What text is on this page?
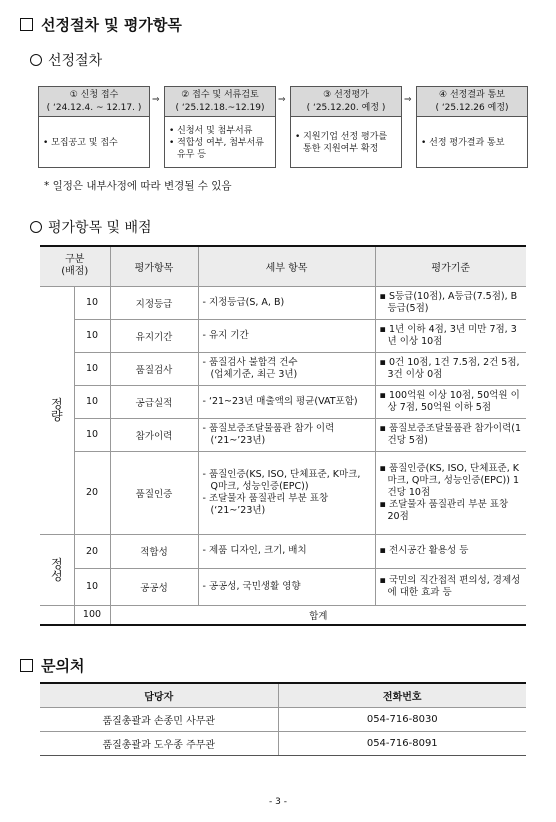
선정절차 및 평가항목
선정절차
① 신청 접수
( ‘24.12.4. ~ 12.17. )
• 모집공고 및 접수
⇒	② 접수 및 서류검토
( ‘25.12.18.~12.19)
• 신청서 및 첨부서류
• 적합성 여부, 첨부서류 유무 등
⇒	③ 선정평가
( ‘25.12.20. 예정 )
• 지원기업 선정 평가를 통한 지원여부 확정
⇒	④ 선정결과 통보
( ‘25.12.26 예정)
• 선정 평가결과 통보
* 일정은 내부사정에 따라 변경될 수 있음
평가항목 및 배점
구분
(배점)		평가항목	세부 항목	평가기준

정
량	10	지정등급	- 지정등급(S, A, B)	▪ S등급(10점), A등급(7.5점), B등급(5점)

	10	유지기간	- 유지 기간	▪ 1년 이하 4점, 3년 미만 7점, 3년 이상 10점

	10	품질검사	- 품질검사 불합격 건수
(업체기준, 최근 3년)	▪ 0건 10점, 1건 7.5점, 2건 5점, 3건 이상 0점

	10	공급실적	- ‘21~23년 매출액의 평균(VAT포함)	▪ 100억원 이상 10점, 50억원 이상 7점, 50억원 이하 5점

	10	참가이력	- 품질보증조달물품관 참가 이력
(‘21~’23년)	▪ 품질보증조달물품관 참가이력(1건당 5점)

	20	품질인증	- 품질인증(KS, ISO, 단체표준, K마크, Q마크, 성능인증(EPC))
- 조달물자 품질관리 부분 표창
(‘21~’23년)	▪ 품질인증(KS, ISO, 단체표준, K마크, Q마크, 성능인증(EPC)) 1건당 10점
▪ 조달물자 품질관리 부분 표창 20점

정
성	20	적합성	- 제품 디자인, 크기, 배치	▪ 전시공간 활용성 등

	10	공공성	- 공공성, 국민생활 영향	▪ 국민의 직간접적 편의성, 경제성에 대한 효과 등

	100	합계		
문의처
담당자	전화번호
품질총괄과 손종민 사무관	054-716-8030
품질총괄과 도우종 주무관	054-716-8091
- 3 -
